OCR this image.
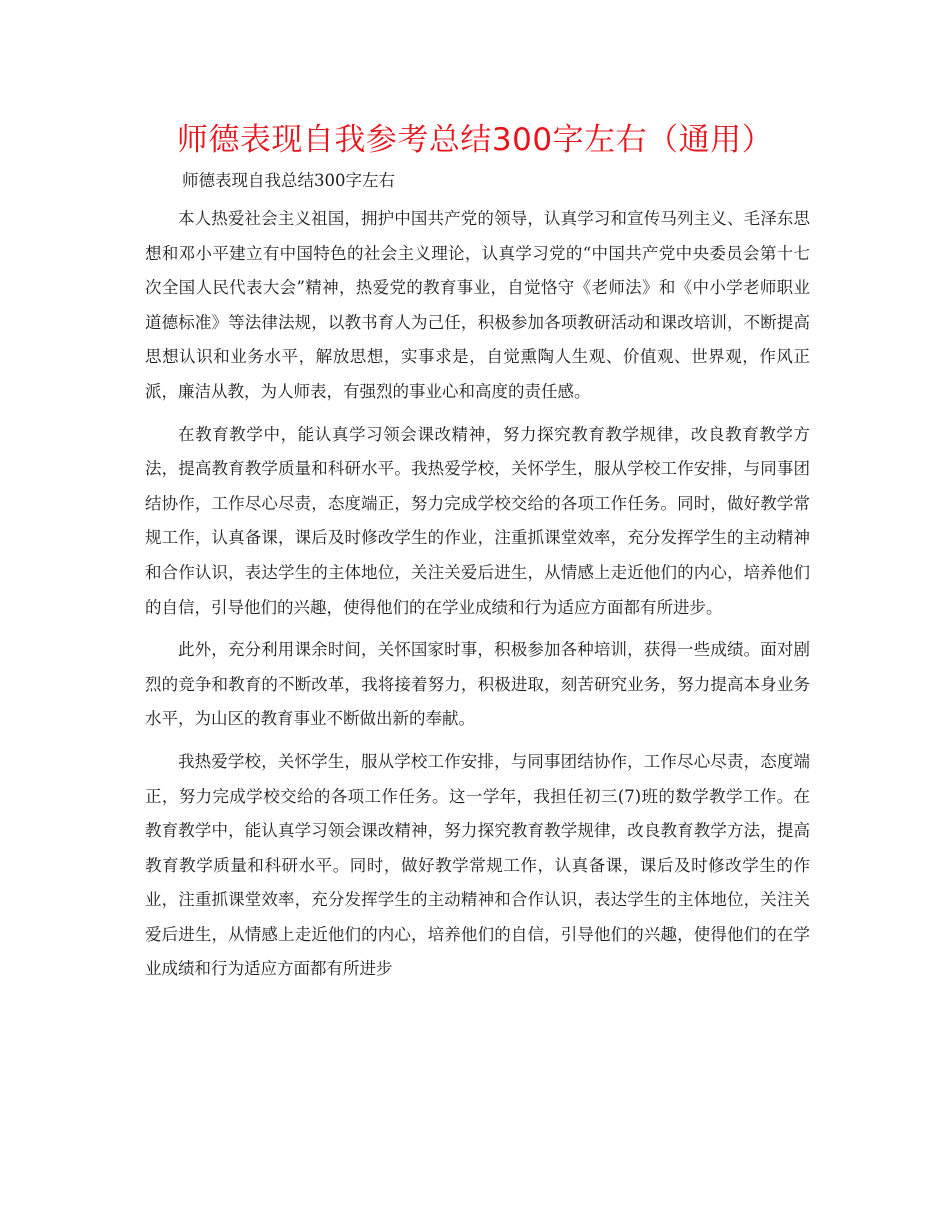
师德表现自我参考总结300字左右（通用）

师德表现自我总结300字左右

本人热爱社会主义祖国，拥护中国共产党的领导，认真学习和宣传马列主义、毛泽东思想和邓小平建立有中国特色的社会主义理论，认真学习党的“中国共产党中央委员会第十七次全国人民代表大会”精神，热爱党的教育事业，自觉恪守《老师法》和《中小学老师职业道德标准》等法律法规，以教书育人为己任，积极参加各项教研活动和课改培训，不断提高思想认识和业务水平，解放思想，实事求是，自觉熏陶人生观、价值观、世界观，作风正派，廉洁从教，为人师表，有强烈的事业心和高度的责任感。

在教育教学中，能认真学习领会课改精神，努力探究教育教学规律，改良教育教学方法，提高教育教学质量和科研水平。我热爱学校，关怀学生，服从学校工作安排，与同事团结协作，工作尽心尽责，态度端正，努力完成学校交给的各项工作任务。同时，做好教学常规工作，认真备课，课后及时修改学生的作业，注重抓课堂效率，充分发挥学生的主动精神和合作认识，表达学生的主体地位，关注关爱后进生，从情感上走近他们的内心，培养他们的自信，引导他们的兴趣，使得他们的在学业成绩和行为适应方面都有所进步。

此外，充分利用课余时间，关怀国家时事，积极参加各种培训，获得一些成绩。面对剧烈的竞争和教育的不断改革，我将接着努力，积极进取，刻苦研究业务，努力提高本身业务水平，为山区的教育事业不断做出新的奉献。

我热爱学校，关怀学生，服从学校工作安排，与同事团结协作，工作尽心尽责，态度端正，努力完成学校交给的各项工作任务。这一学年，我担任初三(7)班的数学教学工作。在教育教学中，能认真学习领会课改精神，努力探究教育教学规律，改良教育教学方法，提高教育教学质量和科研水平。同时，做好教学常规工作，认真备课，课后及时修改学生的作业，注重抓课堂效率，充分发挥学生的主动精神和合作认识，表达学生的主体地位，关注关爱后进生，从情感上走近他们的内心，培养他们的自信，引导他们的兴趣，使得他们的在学业成绩和行为适应方面都有所进步
